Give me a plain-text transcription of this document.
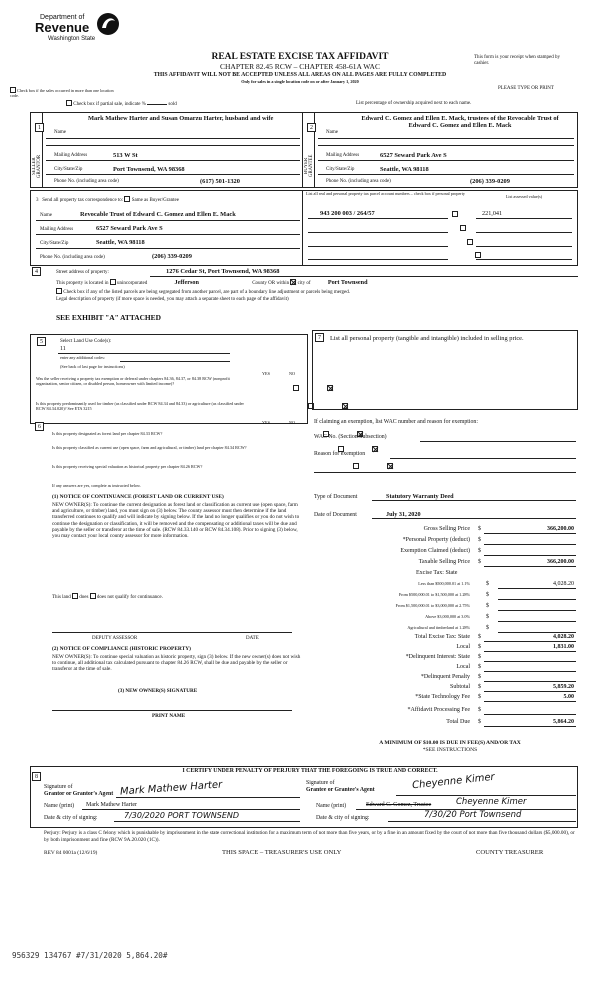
Department of
Revenue
Washington State
REAL ESTATE EXCISE TAX AFFIDAVIT
CHAPTER 82.45 RCW – CHAPTER 458-61A WAC
THIS AFFIDAVIT WILL NOT BE ACCEPTED UNLESS ALL AREAS ON ALL PAGES ARE FULLY COMPLETED
Only for sales in a single location code on or after January 1, 2020
This form is your receipt when stamped by cashier.
PLEASE TYPE OR PRINT
Check box if the sales occurred in more than one location code.
Check box if partial sale, indicate %	sold	List percentage of ownership acquired next to each name.
1	2
SELLER GRANTOR	BUYER GRANTEE
Name
Mark Mathew Harter and Susan Omarzu Harter, husband and wife
Mailing Address	513 W St
City/State/Zip	Port Townsend, WA 98368
Phone No. (including area code)	(617) 501-1320
Name
Edward C. Gomez and Ellen E. Mack, trustees of the Revocable Trust of Edward C. Gomez and Ellen E. Mack
Mailing Address	6527 Seward Park Ave S
City/State/Zip	Seattle, WA 98118
Phone No. (including area code)	(206) 339-0209
3 Send all property tax correspondence to: Same as Buyer/Grantee
Name	Revocable Trust of Edward C. Gomez and Ellen E. Mack
Mailing Address	6527 Seward Park Ave S
City/State/Zip	Seattle, WA 98118
Phone No. (including area code)	(206) 339-0209
List all real and personal property tax parcel account numbers – check box if personal property
List assessed value(s)
943 200 003 / 264/57	221,041

4	Street address of property:	1276 Cedar St, Port Townsend, WA 98368
This property is located in unincorporated	Jefferson	County OR within city of	Port Townsend
Check box if any of the listed parcels are being segregated from another parcel, are part of a boundary line adjustment or parcels being merged.
Legal description of property (if more space is needed, you may attach a separate sheet to each page of the affidavit)
SEE EXHIBIT "A" ATTACHED
5	Select Land Use Code(s):
11
enter any additional codes:
(See back of last page for instructions)
YES	NO
Was the seller receiving a property tax exemption or deferral under chapters 84.36, 84.37, or 84.38 RCW (nonprofit organization, senior citizen, or disabled person, homeowner with limited income)?

Is this property predominantly used for timber (as classified under RCW 84.34 and 84.33) or agriculture (as classified under RCW 84.34.020)? See ETA 3215

6
YES	NO
Is this property designated as forest land per chapter 84.33 RCW?

Is this property classified as current use (open space, farm and agricultural, or timber) land per chapter 84.34 RCW?

Is this property receiving special valuation as historical property per chapter 84.26 RCW?

If any answers are yes, complete as instructed below.
(1) NOTICE OF CONTINUANCE (FOREST LAND OR CURRENT USE)
NEW OWNER(S): To continue the current designation as forest land or classification as current use (open space, farm and agriculture, or timber) land, you must sign on (3) below. The county assessor must then determine if the land transferred continues to qualify and will indicate by signing below. If the land no longer qualifies or you do not wish to continue the designation or classification, it will be removed and the compensating or additional taxes will be due and payable by the seller or transferor at the time of sale. (RCW 84.33.140 or RCW 84.34.108). Prior to signing (3) below, you may contact your local county assessor for more information.
This land does does not qualify for continuance.
DEPUTY ASSESSOR	DATE
(2) NOTICE OF COMPLIANCE (HISTORIC PROPERTY)
NEW OWNER(S): To continue special valuation as historic property, sign (3) below. If the new owner(s) does not wish to continue, all additional tax calculated pursuant to chapter 84.26 RCW, shall be due and payable by the seller or transferor at the time of sale.
(3) NEW OWNER(S) SIGNATURE
PRINT NAME
7	List all personal property (tangible and intangible) included in selling price.
If claiming an exemption, list WAC number and reason for exemption:
WAC No. (Section/Subsection)
Reason for exemption
Type of Document	Statutory Warranty Deed
Date of Document	July 31, 2020
Gross Selling Price $	366,200.00
*Personal Property (deduct) $
Exemption Claimed (deduct) $
Taxable Selling Price $	366,200.00
Excise Tax: State
Less than $500,000.01 at 1.1%	$	4,028.20
From $500,000.01 to $1,500,000 at 1.28%	$
From $1,500,000.01 to $3,000,000 at 2.75%	$
Above $3,000,000 at 3.0%	$
Agricultural and timberland at 1.28%	$
Total Excise Tax: State $	4,028.20
Local $	1,831.00
*Delinquent Interest: State $
Local $
*Delinquent Penalty $
Subtotal $	5,859.20
*State Technology Fee $	5.00
*Affidavit Processing Fee $
Total Due $	5,864.20
A MINIMUM OF $10.00 IS DUE IN FEE(S) AND/OR TAX
*SEE INSTRUCTIONS
8
I CERTIFY UNDER PENALTY OF PERJURY THAT THE FOREGOING IS TRUE AND CORRECT.
Signature of
Grantor or Grantor's Agent Mark Mathew Harter	Signature of
Grantee or Grantee's Agent	Cheyenne Kimer
Name (print) Mark Mathew Harter	Name (print)	Edward C. Gomez, Trustee	Cheyenne Kimer
Date & city of signing:	7/30/2020 PORT TOWNSEND	Date & city of signing:	7/30/20 Port Townsend
Perjury: Perjury is a class C felony which is punishable by imprisonment in the state correctional institution for a maximum term of not more than five years, or by a fine in an amount fixed by the court of not more than five thousand dollars ($5,000.00), or by both imprisonment and fine (RCW 9A.20.020 (1C)).
REV 84 0001a (12/6/19)	THIS SPACE – TREASURER'S USE ONLY	COUNTY TREASURER
956329 134767 #7/31/2020 5,864.20#
